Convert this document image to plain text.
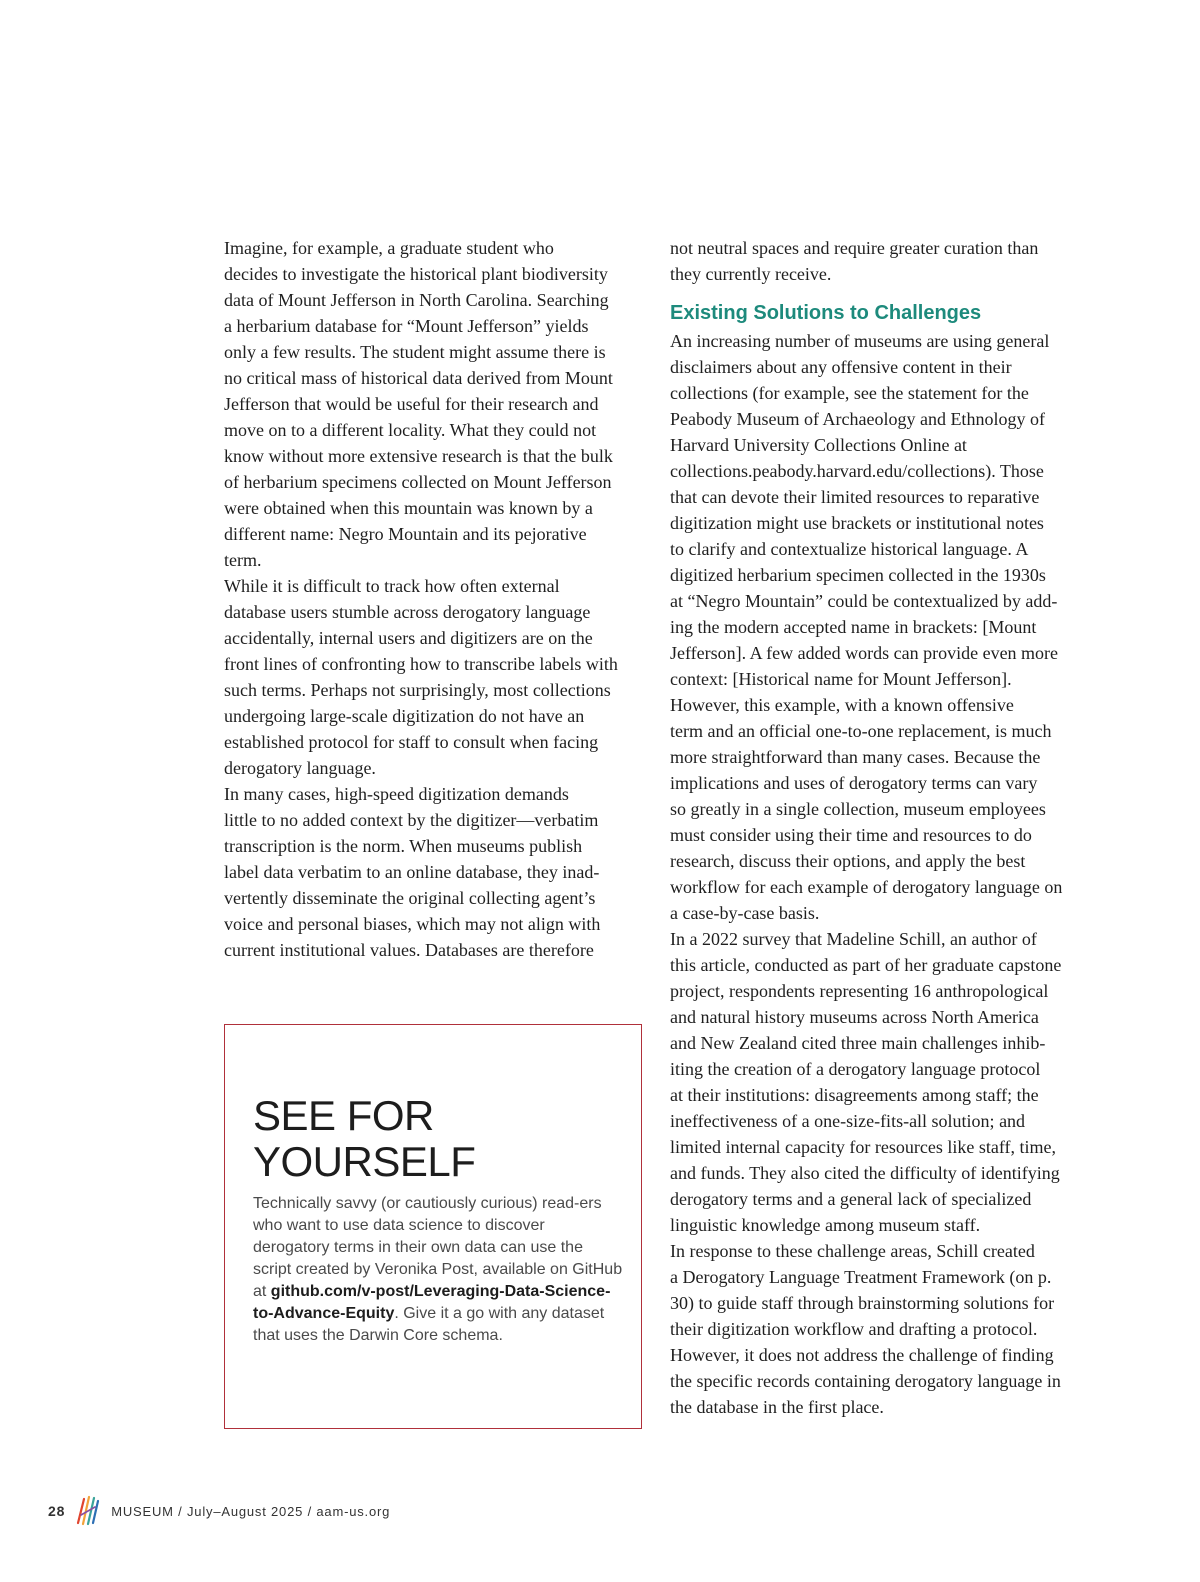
Imagine, for example, a graduate student who
decides to investigate the historical plant biodiversity
data of Mount Jefferson in North Carolina. Searching
a herbarium database for “Mount Jefferson” yields
only a few results. The student might assume there is
no critical mass of historical data derived from Mount
Jefferson that would be useful for their research and
move on to a different locality. What they could not
know without more extensive research is that the bulk
of herbarium specimens collected on Mount Jefferson
were obtained when this mountain was known by a
different name: Negro Mountain and its pejorative
term.

While it is difficult to track how often external
database users stumble across derogatory language
accidentally, internal users and digitizers are on the
front lines of confronting how to transcribe labels with
such terms. Perhaps not surprisingly, most collections
undergoing large-scale digitization do not have an
established protocol for staff to consult when facing
derogatory language.

In many cases, high-speed digitization demands
little to no added context by the digitizer—verbatim
transcription is the norm. When museums publish
label data verbatim to an online database, they inad-
vertently disseminate the original collecting agent’s
voice and personal biases, which may not align with
current institutional values. Databases are therefore

not neutral spaces and require greater curation than
they currently receive.

Existing Solutions to Challenges

An increasing number of museums are using general
disclaimers about any offensive content in their
collections (for example, see the statement for the
Peabody Museum of Archaeology and Ethnology of
Harvard University Collections Online at
collections.peabody.harvard.edu/collections). Those
that can devote their limited resources to reparative
digitization might use brackets or institutional notes
to clarify and contextualize historical language. A
digitized herbarium specimen collected in the 1930s
at “Negro Mountain” could be contextualized by add-
ing the modern accepted name in brackets: [Mount
Jefferson]. A few added words can provide even more
context: [Historical name for Mount Jefferson].

However, this example, with a known offensive
term and an official one-to-one replacement, is much
more straightforward than many cases. Because the
implications and uses of derogatory terms can vary
so greatly in a single collection, museum employees
must consider using their time and resources to do
research, discuss their options, and apply the best
workflow for each example of derogatory language on
a case-by-case basis.

In a 2022 survey that Madeline Schill, an author of
this article, conducted as part of her graduate capstone
project, respondents representing 16 anthropological
and natural history museums across North America
and New Zealand cited three main challenges inhib-
iting the creation of a derogatory language protocol
at their institutions: disagreements among staff; the
ineffectiveness of a one-size-fits-all solution; and
limited internal capacity for resources like staff, time,
and funds. They also cited the difficulty of identifying
derogatory terms and a general lack of specialized
linguistic knowledge among museum staff.

In response to these challenge areas, Schill created
a Derogatory Language Treatment Framework (on p.
30) to guide staff through brainstorming solutions for
their digitization workflow and drafting a protocol.
However, it does not address the challenge of finding
the specific records containing derogatory language in
the database in the first place.

SEE FOR
YOURSELF

Technically savvy (or cautiously curious) read-ers who want to use data science to discover derogatory terms in their own data can use the script created by Veronika Post, available on GitHub at github.com/v-post/Leveraging-Data-Science-to-Advance-Equity. Give it a go with any dataset that uses the Darwin Core schema.

28	MUSEUM / July–August 2025 / aam-us.org
